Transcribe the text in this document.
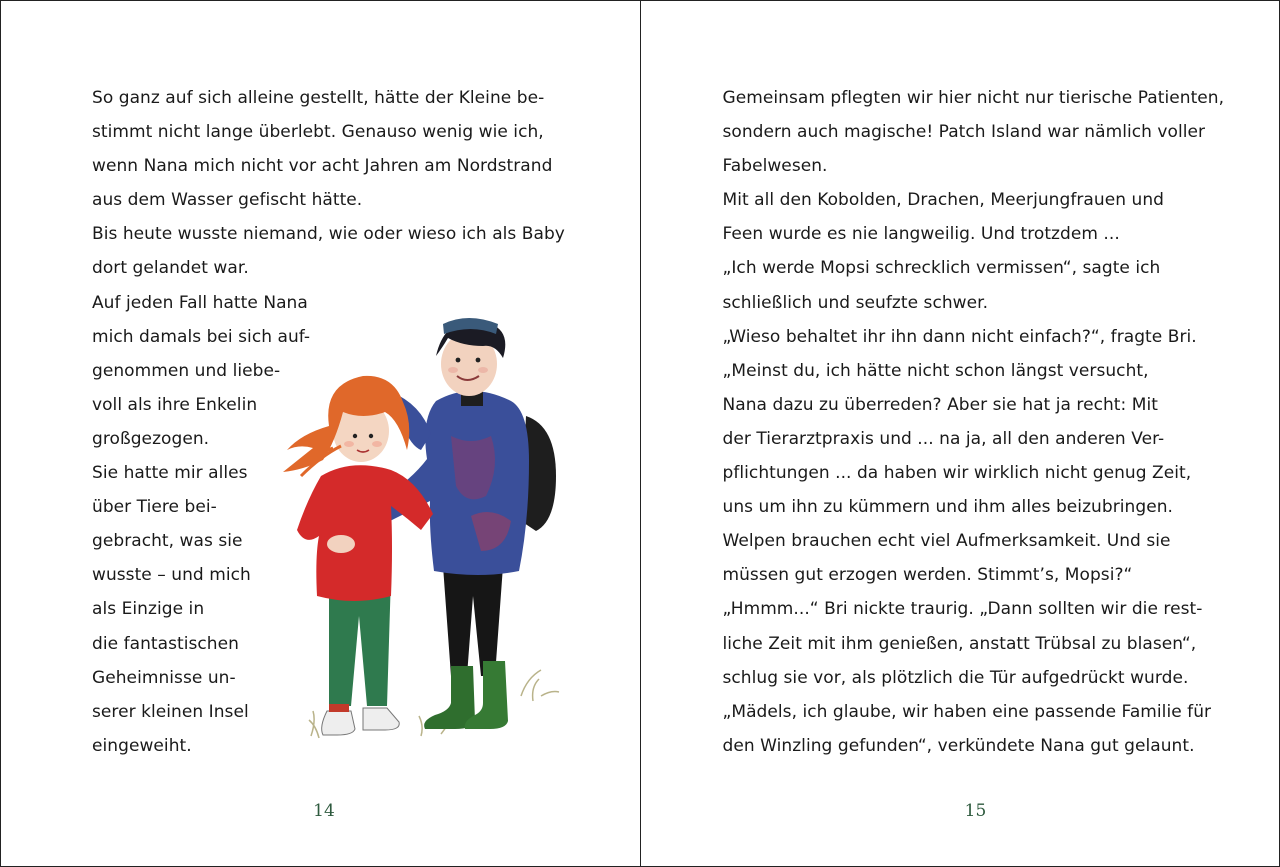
So ganz auf sich alleine gestellt, hätte der Kleine be-
stimmt nicht lange überlebt. Genauso wenig wie ich,
wenn Nana mich nicht vor acht Jahren am Nordstrand
aus dem Wasser gefischt hätte.
Bis heute wusste niemand, wie oder wieso ich als Baby
dort gelandet war.
Auf jeden Fall hatte Nana
mich damals bei sich auf-
genommen und liebe-
voll als ihre Enkelin
großgezogen.
Sie hatte mir alles
über Tiere bei-
gebracht, was sie
wusste – und mich
als Einzige in
die fantastischen
Geheimnisse un-
serer kleinen Insel
eingeweiht.
14
Gemeinsam pflegten wir hier nicht nur tierische Patienten,
sondern auch magische! Patch Island war nämlich voller
Fabelwesen.
Mit all den Kobolden, Drachen, Meerjungfrauen und
Feen wurde es nie langweilig. Und trotzdem ...
„Ich werde Mopsi schrecklich vermissen“, sagte ich
schließlich und seufzte schwer.
„Wieso behaltet ihr ihn dann nicht einfach?“, fragte Bri.
„Meinst du, ich hätte nicht schon längst versucht,
Nana dazu zu überreden? Aber sie hat ja recht: Mit
der Tierarztpraxis und ... na ja, all den anderen Ver-
pflichtungen ... da haben wir wirklich nicht genug Zeit,
uns um ihn zu kümmern und ihm alles beizubringen.
Welpen brauchen echt viel Aufmerksamkeit. Und sie
müssen gut erzogen werden. Stimmt’s, Mopsi?“
„Hmmm...“ Bri nickte traurig. „Dann sollten wir die rest-
liche Zeit mit ihm genießen, anstatt Trübsal zu blasen“,
schlug sie vor, als plötzlich die Tür aufgedrückt wurde.
„Mädels, ich glaube, wir haben eine passende Familie für
den Winzling gefunden“, verkündete Nana gut gelaunt.
15
